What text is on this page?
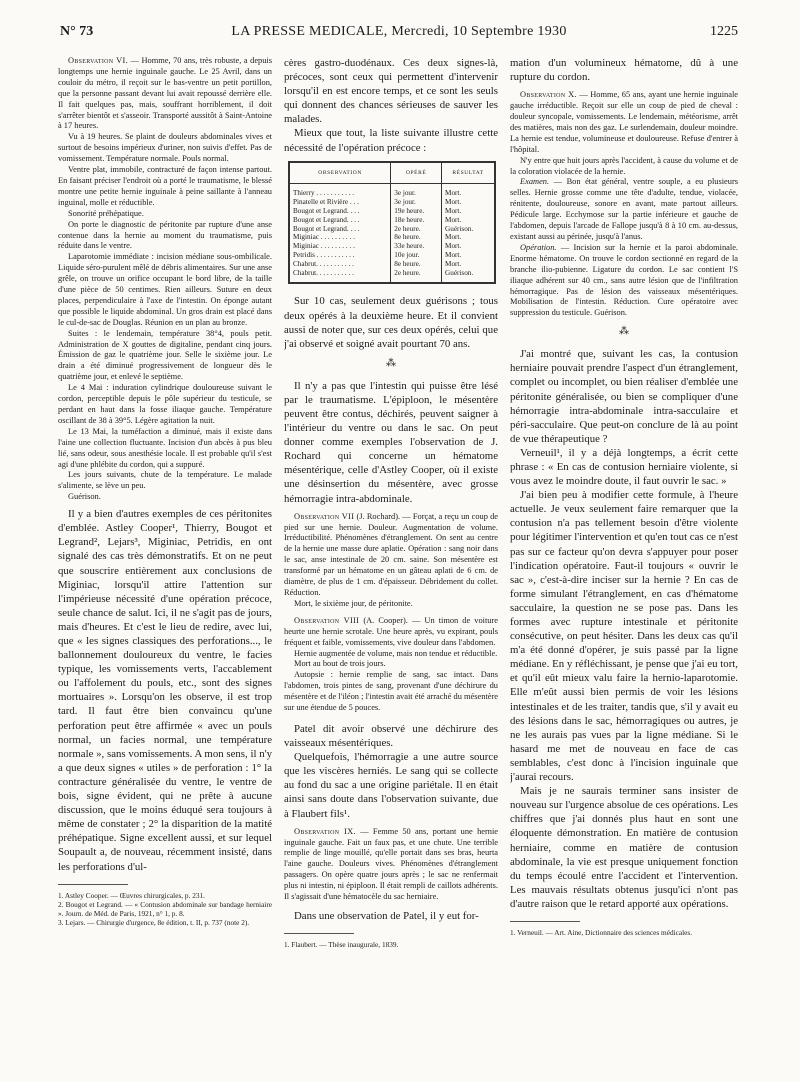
N° 73	LA PRESSE MEDICALE, Mercredi, 10 Septembre 1930	1225

Observation VI. — Homme, 70 ans, très robuste, a depuis longtemps une hernie inguinale gauche. Le 25 Avril, dans un couloir du métro, il reçoit sur le bas-ventre un petit portillon, que la personne passant devant lui avait repoussé derrière elle. Il fait quelques pas, mais, souffrant horriblement, il doit s'arrêter bientôt et s'asseoir. Transporté aussitôt à Saint-Antoine à 17 heures.

Vu à 19 heures. Se plaint de douleurs abdominales vives et surtout de besoins impérieux d'uriner, non suivis d'effet. Pas de vomissement. Température normale. Pouls normal.

Ventre plat, immobile, contracturé de façon intense partout. En faisant préciser l'endroit où a porté le traumatisme, le blessé montre une petite hernie inguinale à peine saillante à l'anneau inguinal, molle et réductible.

Sonorité préhépatique.

On porte le diagnostic de péritonite par rupture d'une anse contenue dans la hernie au moment du traumatisme, puis réduite dans le ventre.

Laparotomie immédiate : incision médiane sous-ombilicale. Liquide séro-purulent mêlé de débris alimentaires. Sur une anse grêle, on trouve un orifice occupant le bord libre, de la taille d'une pièce de 50 centimes. Rien ailleurs. Suture en deux places, perpendiculaire à l'axe de l'intestin. On éponge autant que possible le liquide abdominal. Un gros drain est placé dans le cul-de-sac de Douglas. Réunion en un plan au bronze.

Suites : le lendemain, température 38°4, pouls petit. Administration de X gouttes de digitaline, pendant cinq jours. Émission de gaz le quatrième jour. Selle le sixième jour. Le drain a été diminué progressivement de longueur dès le quatrième jour, et enlevé le septième.

Le 4 Mai : induration cylindrique douloureuse suivant le cordon, perceptible depuis le pôle supérieur du testicule, se perdant en haut dans la fosse iliaque gauche. Température oscillant de 38 à 39°5. Légère agitation la nuit.

Le 13 Mai, la tuméfaction a diminué, mais il existe dans l'aine une collection fluctuante. Incision d'un abcès à pus bleu lié, sans odeur, sous anesthésie locale. Il est probable qu'il s'est agi d'une phlébite du cordon, qui a suppuré.

Les jours suivants, chute de la température. Le malade s'alimente, se lève un peu.

Guérison.

Il y a bien d'autres exemples de ces péritonites d'emblée. Astley Cooper¹, Thierry, Bougot et Legrand², Lejars³, Miginiac, Petridis, en ont signalé des cas très démonstratifs. Et on ne peut que souscrire entièrement aux conclusions de Miginiac, lorsqu'il attire l'attention sur l'impérieuse nécessité d'une opération précoce, seule chance de salut. Ici, il ne s'agit pas de jours, mais d'heures. Et c'est le lieu de redire, avec lui, que « les signes classiques des perforations..., le ballonnement douloureux du ventre, le facies typique, les vomissements verts, l'accablement ou l'affolement du pouls, etc., sont des signes mortuaires ». Lorsqu'on les observe, il est trop tard. Il faut être bien convaincu qu'une perforation peut être affirmée « avec un pouls normal, un facies normal, une température normale », sans vomissements. A mon sens, il n'y a que deux signes « utiles » de perforation : 1° la contracture généralisée du ventre, le ventre de bois, signe évident, qui ne prête à aucune discussion, que le moins éduqué sera toujours à même de constater ; 2° la disparition de la matité préhépatique. Signe excellent aussi, et sur lequel Soupault a, de nouveau, récemment insisté, dans les perforations d'ul-

1. Astley Cooper. — Œuvres chirurgicales, p. 231.

2. Bougot et Legrand. — « Contusion abdominale sur bandage herniaire ». Journ. de Méd. de Paris, 1921, n° 1, p. 8.

3. Lejars. — Chirurgie d'urgence, 8e édition, t. II, p. 737 (note 2).

cères gastro-duodénaux. Ces deux signes-là, précoces, sont ceux qui permettent d'intervenir lorsqu'il en est encore temps, et ce sont les seuls qui donnent des chances sérieuses de sauver les malades.

Mieux que tout, la liste suivante illustre cette nécessité de l'opération précoce :

OBSERVATION	OPÉRÉ	RÉSULTAT
Thierry . . . . . . . . . . .	3e jour.	Mort.
Pinatelle et Rivière . . .	3e jour.	Mort.
Bougot et Legrand. . . .	19e heure.	Mort.
Bougot et Legrand. . . .	18e heure.	Mort.
Bougot et Legrand. . . .	2e heure.	Guérison.
Miginiac . . . . . . . . . .	8e heure.	Mort.
Miginiac . . . . . . . . . .	33e heure.	Mort.
Petridis . . . . . . . . . . .	10e jour.	Mort.
Chabrut. . . . . . . . . . .	8e heure.	Mort.
Chabrut. . . . . . . . . . .	2e heure.	Guérison.

Sur 10 cas, seulement deux guérisons ; tous deux opérés à la deuxième heure. Et il convient aussi de noter que, sur ces deux opérés, celui que j'ai observé et soigné avait pourtant 70 ans.

⁂

Il n'y a pas que l'intestin qui puisse être lésé par le traumatisme. L'épiploon, le mésentère peuvent être contus, déchirés, peuvent saigner à l'intérieur du ventre ou dans le sac. On peut donner comme exemples l'observation de J. Rochard qui concerne un hématome mésentérique, celle d'Astley Cooper, où il existe une désinsertion du mésentère, avec grosse hémorragie intra-abdominale.

Observation VII (J. Rochard). — Forçat, a reçu un coup de pied sur une hernie. Douleur. Augmentation de volume. Irréductibilité. Phénomènes d'étranglement. On sent au centre de la hernie une masse dure aplatie. Opération : sang noir dans le sac, anse intestinale de 20 cm. saine. Son mésentère est transformé par un hématome en un gâteau aplati de 6 cm. de diamètre, de plus de 1 cm. d'épaisseur. Débridement du collet. Réduction.

Mort, le sixième jour, de péritonite.

Observation VIII (A. Cooper). — Un timon de voiture heurte une hernie scrotale. Une heure après, vu expirant, pouls fréquent et faible, vomissements, vive douleur dans l'abdomen.

Hernie augmentée de volume, mais non tendue et réductible.

Mort au bout de trois jours.

Autopsie : hernie remplie de sang, sac intact. Dans l'abdomen, trois pintes de sang, provenant d'une déchirure du mésentère et de l'iléon ; l'intestin avait été arraché du mésentère sur une étendue de 5 pouces.

Patel dit avoir observé une déchirure des vaisseaux mésentériques.

Quelquefois, l'hémorragie a une autre source que les viscères herniés. Le sang qui se collecte au fond du sac a une origine pariétale. Il en était ainsi sans doute dans l'observation suivante, due à Flaubert fils¹.

Observation IX. — Femme 50 ans, portant une hernie inguinale gauche. Fait un faux pas, et une chute. Une terrible remplie de linge mouillé, qu'elle portait dans ses bras, heurta l'aine gauche. Douleurs vives. Phénomènes d'étranglement passagers. On opère quatre jours après ; le sac ne renfermait plus ni intestin, ni épiploon. Il était rempli de caillots adhérents. Il s'agissait d'une hématocèle du sac herniaire.

Dans une observation de Patel, il y eut for-

1. Flaubert. — Thèse inaugurale, 1839.

mation d'un volumineux hématome, dû à une rupture du cordon.

Observation X. — Homme, 65 ans, ayant une hernie inguinale gauche irréductible. Reçoit sur elle un coup de pied de cheval : douleur syncopale, vomissements. Le lendemain, météorisme, arrêt des matières, mais non des gaz. Le surlendemain, douleur moindre. La hernie est tendue, volumineuse et douloureuse. Refuse d'entrer à l'hôpital.

N'y entre que huit jours après l'accident, à cause du volume et de la coloration violacée de la hernie.

Examen. — Bon état général, ventre souple, a eu plusieurs selles. Hernie grosse comme une tête d'adulte, tendue, violacée, rénitente, douloureuse, sonore en avant, mate partout ailleurs. Pédicule large. Ecchymose sur la partie inférieure et gauche de l'abdomen, depuis l'arcade de Fallope jusqu'à 8 à 10 cm. au-dessus, existant aussi au périnée, jusqu'à l'anus.

Opération. — Incision sur la hernie et la paroi abdominale. Enorme hématome. On trouve le cordon sectionné en regard de la branche ilio-pubienne. Ligature du cordon. Le sac contient l'S iliaque adhérent sur 40 cm., sans autre lésion que de l'infiltration hémorragique. Pas de lésion des vaisseaux mésentériques. Mobilisation de l'intestin. Réduction. Cure opératoire avec suppression du testicule. Guérison.

⁂

J'ai montré que, suivant les cas, la contusion herniaire pouvait prendre l'aspect d'un étranglement, complet ou incomplet, ou bien réaliser d'emblée une péritonite généralisée, ou bien se compliquer d'une hémorragie intra-abdominale intra-sacculaire et péri-sacculaire. Que peut-on conclure de là au point de vue thérapeutique ?

Verneuil¹, il y a déjà longtemps, a écrit cette phrase : « En cas de contusion herniaire violente, si vous avez le moindre doute, il faut ouvrir le sac. »

J'ai bien peu à modifier cette formule, à l'heure actuelle. Je veux seulement faire remarquer que la contusion n'a pas tellement besoin d'être violente pour légitimer l'intervention et qu'en tout cas ce n'est pas sur ce facteur qu'on devra s'appuyer pour poser l'indication opératoire. Faut-il toujours « ouvrir le sac », c'est-à-dire inciser sur la hernie ? En cas de forme simulant l'étranglement, en cas d'hématome sacculaire, la question ne se pose pas. Dans les formes avec rupture intestinale et péritonite consécutive, on peut hésiter. Dans les deux cas qu'il m'a été donné d'opérer, je suis passé par la ligne médiane. En y réfléchissant, je pense que j'ai eu tort, et qu'il eût mieux valu faire la hernio-laparotomie. Elle m'eût aussi bien permis de voir les lésions intestinales et de les traiter, tandis que, s'il y avait eu des lésions dans le sac, hémorragiques ou autres, je ne les aurais pas vues par la ligne médiane. Si le hasard me met de nouveau en face de cas semblables, c'est donc à l'incision inguinale que j'aurai recours.

Mais je ne saurais terminer sans insister de nouveau sur l'urgence absolue de ces opérations. Les chiffres que j'ai donnés plus haut en sont une éloquente démonstration. En matière de contusion herniaire, comme en matière de contusion abdominale, la vie est presque uniquement fonction du temps écoulé entre l'accident et l'intervention. Les mauvais résultats obtenus jusqu'ici n'ont pas d'autre raison que le retard apporté aux opérations.

1. Verneuil. — Art. Aine, Dictionnaire des sciences médicales.
